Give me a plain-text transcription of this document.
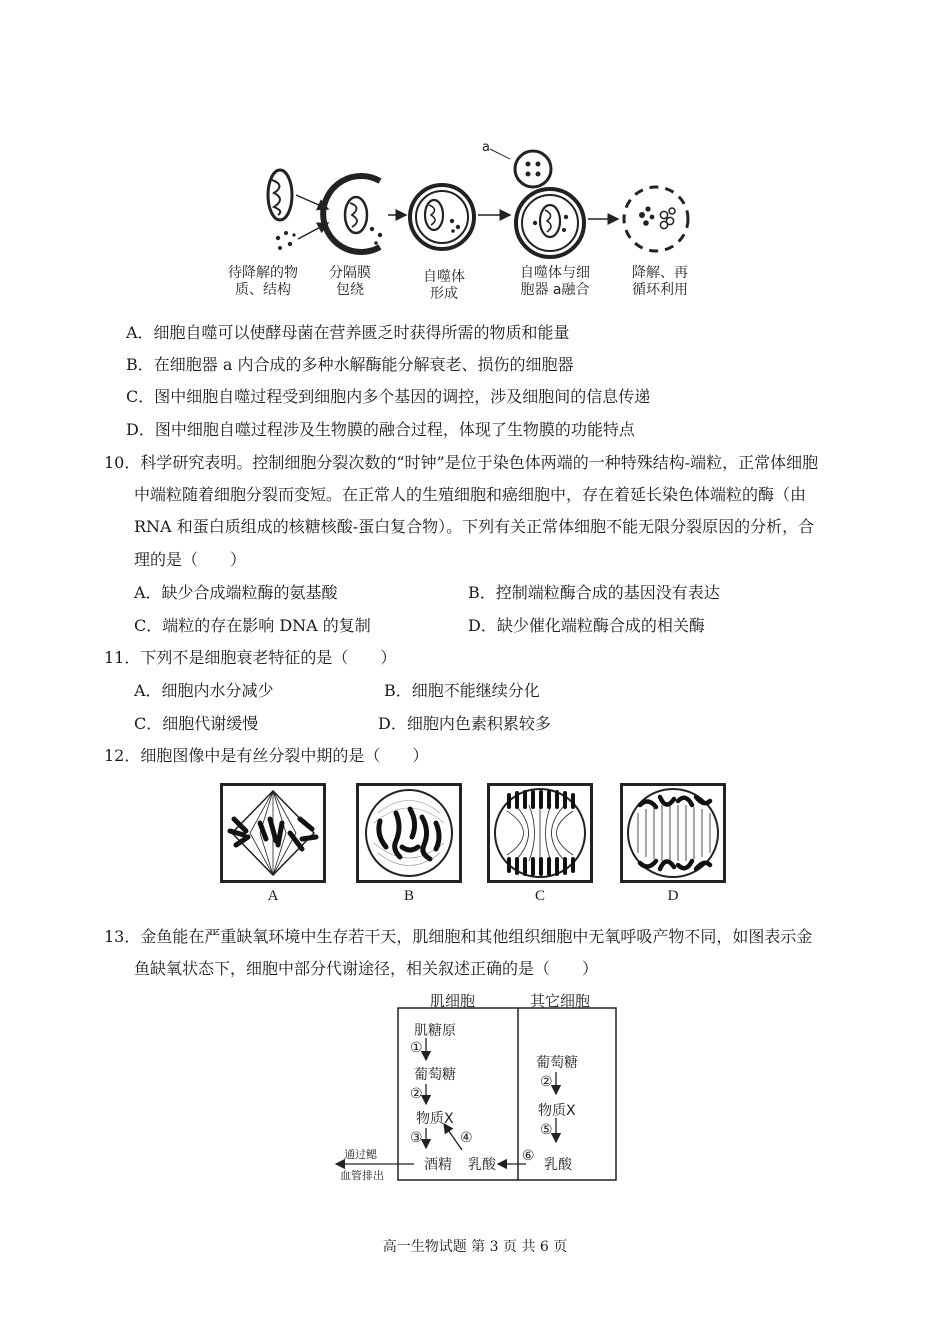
a
待降解的物
质、结构
分隔膜
包绕
自噬体
形成
自噬体与细
胞器 a融合
降解、再
循环利用
A．细胞自噬可以使酵母菌在营养匮乏时获得所需的物质和能量
B．在细胞器 a 内合成的多种水解酶能分解衰老、损伤的细胞器
C．图中细胞自噬过程受到细胞内多个基因的调控，涉及细胞间的信息传递
D．图中细胞自噬过程涉及生物膜的融合过程，体现了生物膜的功能特点
10．科学研究表明。控制细胞分裂次数的“时钟”是位于染色体两端的一种特殊结构-端粒，正常体细胞
中端粒随着细胞分裂而变短。在正常人的生殖细胞和癌细胞中，存在着延长染色体端粒的酶（由
RNA 和蛋白质组成的核糖核酸-蛋白复合物）。下列有关正常体细胞不能无限分裂原因的分析，合
理的是（　　）
A．缺少合成端粒酶的氨基酸	B．控制端粒酶合成的基因没有表达
C．端粒的存在影响 DNA 的复制	D．缺少催化端粒酶合成的相关酶
11．下列不是细胞衰老特征的是（　　）
A．细胞内水分减少	B．细胞不能继续分化
C．细胞代谢缓慢	D．细胞内色素积累较多
12．细胞图像中是有丝分裂中期的是（　　）
A	B	C	D
13．金鱼能在严重缺氧环境中生存若干天，肌细胞和其他组织细胞中无氧呼吸产物不同，如图表示金
鱼缺氧状态下，细胞中部分代谢途径，相关叙述正确的是（　　）
肌细胞	其它细胞
肌糖原
①
葡萄糖
②
物质X
③	④
酒精 乳酸
葡萄糖
②
物质X
⑤
⑥
乳酸
通过鳃
血管排出
高一生物试题 第 3 页 共 6 页
